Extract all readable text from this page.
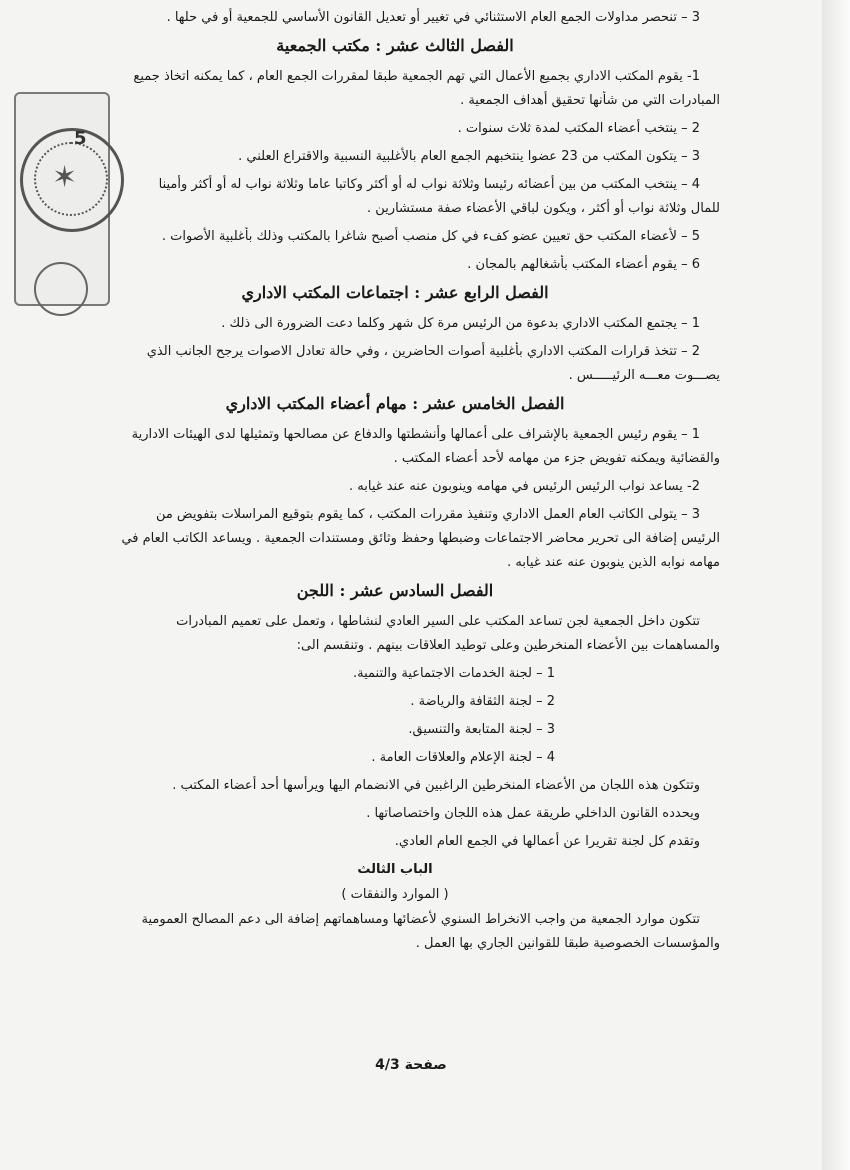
✶
5

3 – تنحصر مداولات الجمع العام الاستثنائي في تغيير أو تعديل القانون الأساسي للجمعية أو في حلها .

الفصل الثالث عشر : مكتب الجمعية

1- يقوم المكتب الاداري بجميع الأعمال التي تهم الجمعية طبقا لمقررات الجمع العام ، كما يمكنه اتخاذ جميع

المبادرات التي من شأنها تحقيق أهداف الجمعية .

2 – ينتخب أعضاء المكتب لمدة ثلاث سنوات .

3 – يتكون المكتب من 23 عضوا ينتخبهم الجمع العام بالأغلبية النسبية والاقتراع العلني .

4 – ينتخب المكتب من بين أعضائه رئيسا وثلاثة نواب له أو أكثر وكاتبا عاما وثلاثة نواب له أو أكثر وأمينا

للمال وثلاثة نواب أو أكثر ، ويكون لباقي الأعضاء صفة مستشارين .

5 – لأعضاء المكتب حق تعيين عضو كفء في كل منصب أصبح شاغرا بالمكتب وذلك بأغلبية الأصوات .

6 – يقوم أعضاء المكتب بأشغالهم بالمجان .

الفصل الرابع عشر : اجتماعات المكتب الاداري

1 – يجتمع المكتب الاداري بدعوة من الرئيس مرة كل شهر وكلما دعت الضرورة الى ذلك .

2 – تتخذ قرارات المكتب الاداري بأغلبية أصوات الحاضرين ، وفي حالة تعادل الاصوات يرجح الجانب الذي

يصـــوت معـــه الرئيـــــس .

الفصل الخامس عشر : مهام أعضاء المكتب الاداري

1 – يقوم رئيس الجمعية بالإشراف على أعمالها وأنشطتها والدفاع عن مصالحها وتمثيلها لدى الهيئات الادارية

والقضائية ويمكنه تفويض جزء من مهامه لأحد أعضاء المكتب .

2- يساعد نواب الرئيس الرئيس في مهامه وينوبون عنه عند غيابه .

3 – يتولى الكاتب العام العمل الاداري وتنفيذ مقررات المكتب ، كما يقوم بتوقيع المراسلات بتفويض من

الرئيس إضافة الى تحرير محاضر الاجتماعات وضبطها وحفظ وثائق ومستندات الجمعية . ويساعد الكاتب العام في

مهامه نوابه الذين ينوبون عنه عند غيابه .

الفصل السادس عشر : اللجن

تتكون داخل الجمعية لجن تساعد المكتب على السير العادي لنشاطها ، وتعمل على تعميم المبادرات

والمساهمات بين الأعضاء المنخرطين وعلى توطيد العلاقات بينهم . وتنقسم الى:

1 – لجنة الخدمات الاجتماعية والتنمية.

2 – لجنة الثقافة والرياضة .

3 – لجنة المتابعة والتنسيق.

4 – لجنة الإعلام والعلاقات العامة .

وتتكون هذه اللجان من الأعضاء المنخرطين الراغبين في الانضمام اليها ويرأسها أحد أعضاء المكتب .

ويحدده القانون الداخلي طريقة عمل هذه اللجان واختصاصاتها .

وتقدم كل لجنة تقريرا عن أعمالها في الجمع العام العادي.

الباب الثالث

( الموارد والنفقات )

تتكون موارد الجمعية من واجب الانخراط السنوي لأعضائها ومساهماتهم إضافة الى دعم المصالح العمومية

والمؤسسات الخصوصية طبقا للقوانين الجاري بها العمل .

صفحة 4/3
